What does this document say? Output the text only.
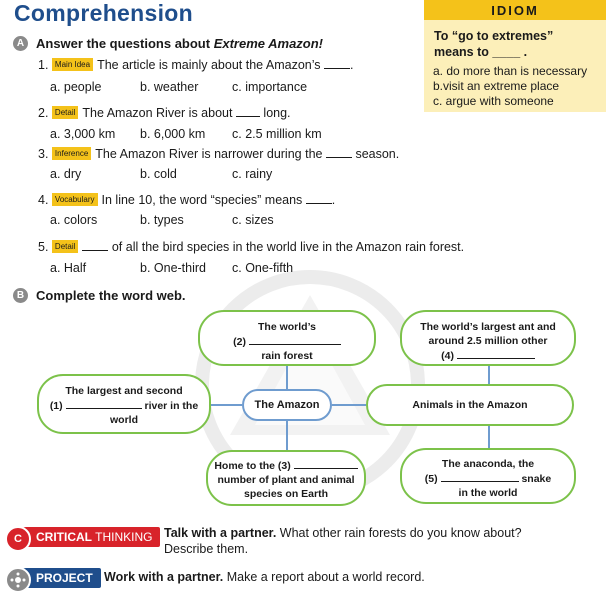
Comprehension	IDIOM
To “go to extremes”
means to ____ .
a. do more than is necessary
b.visit an extreme place
c. argue with someone
A Answer the questions about Extreme Amazon!
1. Main Idea The article is mainly about the Amazon’s .
a. people	b. weather	c. importance
2. Detail The Amazon River is about long.
a. 3,000 km b. 6,000 km c. 2.5 million km
3. Inference The Amazon River is narrower during the	season.
a. dry	b. cold	c. rainy
4. Vocabulary In line 10, the word “species” means .
a. colors	b. types	c. sizes
5. Detail	of all the bird species in the world live in the Amazon rain forest.
a. Half	b. One-third c. One-fifth
B Complete the word web.
The world’s
(2)
rain forest
The largest and second
(1)	river in the
world
The Amazon
Home to the (3)
number of plant and animal
species on Earth
The world’s largest ant and
around 2.5 million other
(4)
Animals in the Amazon
The anaconda, the
(5)	snake
in the world
CRITICAL THINKING
C	Talk with a partner. What other rain forests do you know about?
Describe them.
PROJECT Work with a partner. Make a report about a world record.
